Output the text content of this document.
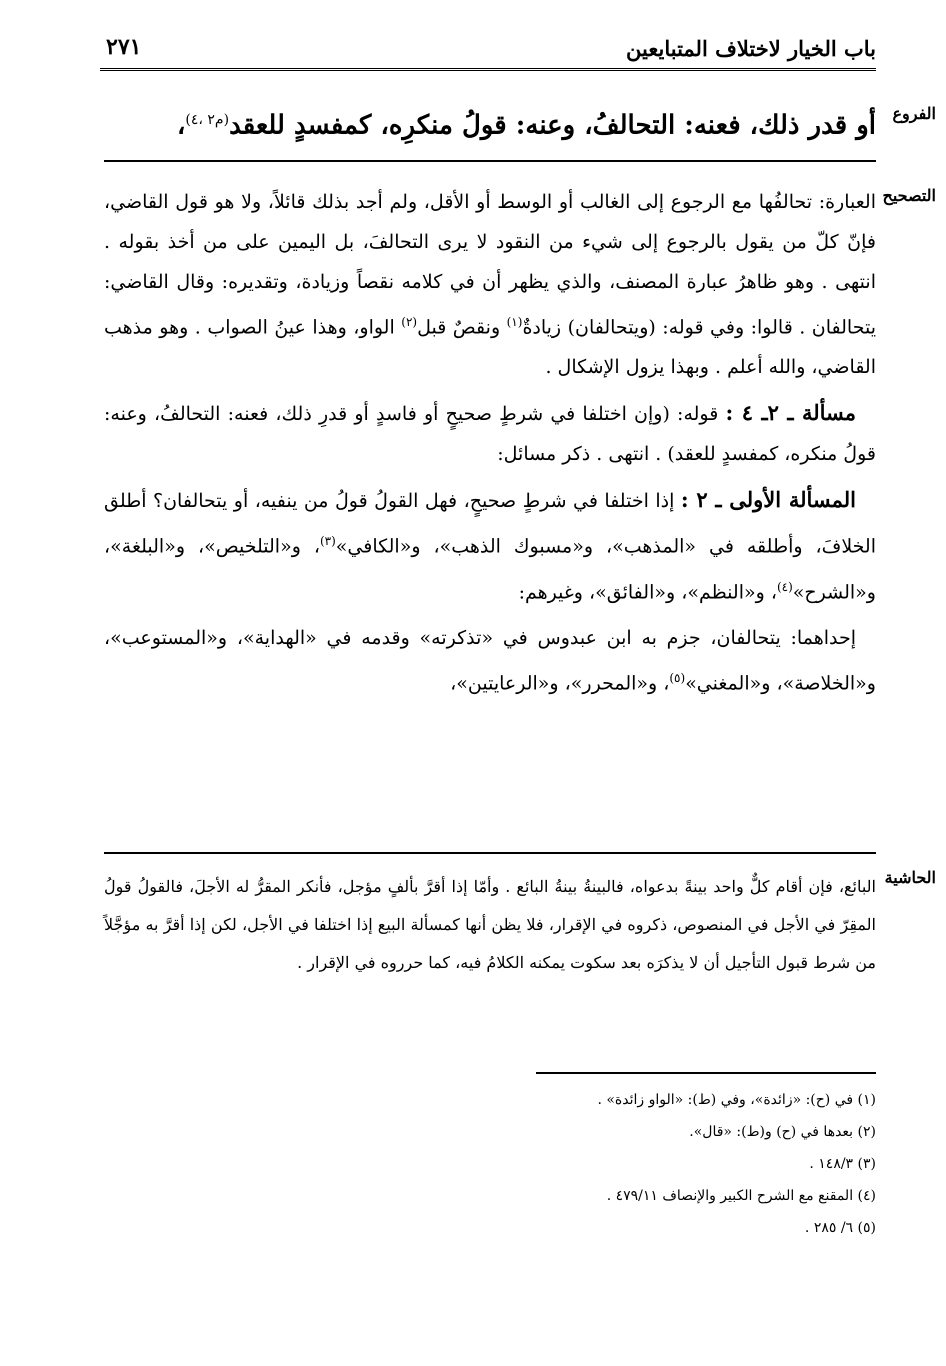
باب الخيار لاختلاف المتبايعين
٢٧١
الفروع
أو قدر ذلك، فعنه: التحالفُ، وعنه: قولُ منكرِه، كمفسدٍ للعقد$^{(م٢ ،٤)}$،
التصحيح

العبارة: تحالفُها مع الرجوع إلى الغالب أو الوسط أو الأقل، ولم أجد بذلك قائلاً، ولا هو قول القاضي، فإنّ كلّ من يقول بالرجوع إلى شيء من النقود لا يرى التحالفَ، بل اليمين على من أخذ بقوله . انتهى . وهو ظاهرُ عبارة المصنف، والذي يظهر أن في كلامه نقصاً وزيادة، وتقديره: وقال القاضي: يتحالفان . قالوا: وفي قوله: (ويتحالفان) زيادةٌ$^{(١)}$ ونقصٌ قبل$^{(٢)}$ الواو، وهذا عينُ الصواب . وهو مذهب القاضي، والله أعلم . وبهذا يزول الإشكال .

مسألة ـ ٢ـ ٤ : قوله: (وإن اختلفا في شرطٍ صحيحٍ أو فاسدٍ أو قدرِ ذلك، فعنه: التحالفُ، وعنه: قولُ منكره، كمفسدٍ للعقد) . انتهى . ذكر مسائل:

المسألة الأولى ـ ٢ : إذا اختلفا في شرطٍ صحيحٍ، فهل القولُ قولُ من ينفيه، أو يتحالفان؟ أطلق الخلافَ، وأطلقه في «المذهب»، و«مسبوك الذهب»، و«الكافي»$^{(٣)}$، و«التلخيص»، و«البلغة»، و«الشرح»$^{(٤)}$، و«النظم»، و«الفائق»، وغيرهم:

إحداهما: يتحالفان، جزم به ابن عبدوس في «تذكرته» وقدمه في «الهداية»، و«المستوعب»، و«الخلاصة»، و«المغني»$^{(٥)}$، و«المحرر»، و«الرعايتين»،

الحاشية
البائع، فإن أقام كلٌّ واحد بينةً بدعواه، فالبينةُ بينةُ البائع . وأمّا إذا أقرَّ بألفٍ مؤجل، فأنكر المقرُّ له الأجلَ، فالقولُ قولُ المقِرّ في الأجل في المنصوص، ذكروه في الإقرار، فلا يظن أنها كمسألة البيع إذا اختلفا في الأجل، لكن إذا أقرَّ به مؤجَّلاً من شرط قبول التأجيل أن لا يذكرَه بعد سكوت يمكنه الكلامُ فيه، كما حرروه في الإقرار .
(١) في (ح): «زائدة»، وفي (ط): «الواو زائدة» .
(٢) بعدها في (ح) و(ط): «قال».
(٣) ١٤٨/٣ .
(٤) المقنع مع الشرح الكبير والإنصاف ٤٧٩/١١ .
(٥) ٦/ ٢٨٥ .
